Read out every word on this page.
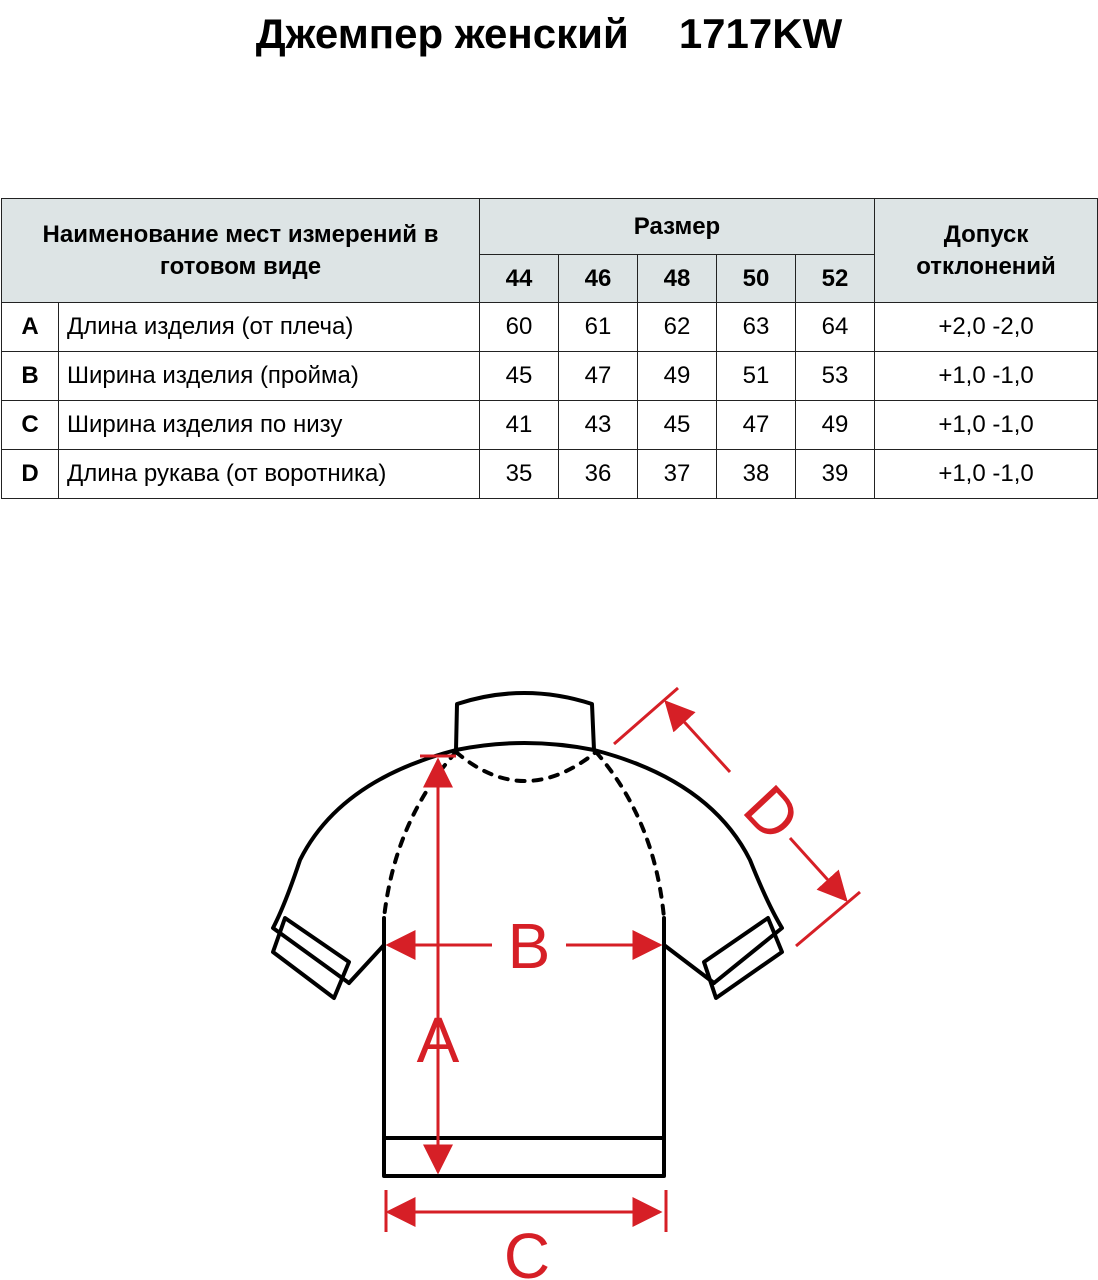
Джемпер женский 1717KW
Наименование мест измерений в готовом виде		Размер					Допуск отклонений
		44	46	48	50	52	
A	Длина изделия (от плеча)	60	61	62	63	64	+2,0 -2,0
B	Ширина изделия (пройма)	45	47	49	51	53	+1,0 -1,0
C	Ширина изделия по низу	41	43	45	47	49	+1,0 -1,0
D	Длина рукава (от воротника)	35	36	37	38	39	+1,0 -1,0
A
B
C
D
